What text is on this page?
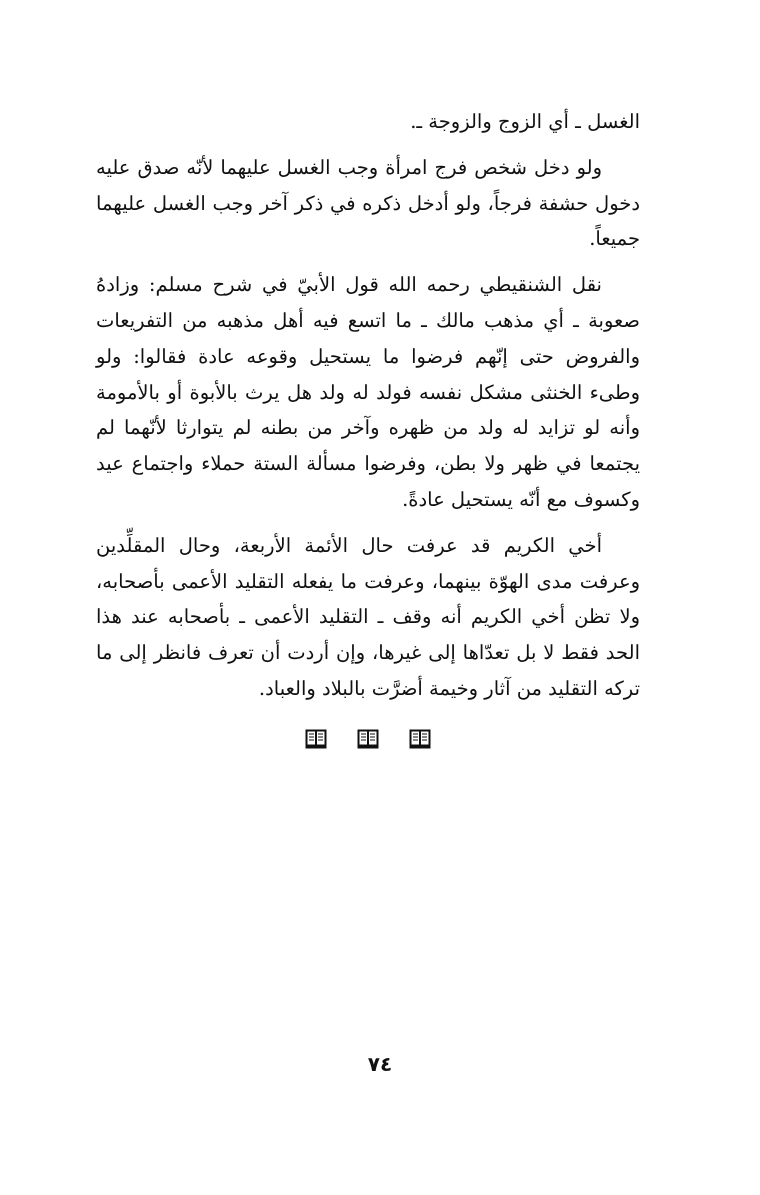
الغسل ـ أي الزوج والزوجة ـ.

ولو دخل شخص فرج امرأة وجب الغسل عليهما لأنّه صدق عليه دخول حشفة فرجاً، ولو أدخل ذكره في ذكر آخر وجب الغسل عليهما جميعاً.

نقل الشنقيطي رحمه الله قول الأبيّ في شرح مسلم: وزادهُ صعوبة ـ أي مذهب مالك ـ ما اتسع فيه أهل مذهبه من التفريعات والفروض حتى إنّهم فرضوا ما يستحيل وقوعه عادة فقالوا: ولو وطىء الخنثى مشكل نفسه فولد له ولد هل يرث بالأبوة أو بالأمومة وأنه لو تزايد له ولد من ظهره وآخر من بطنه لم يتوارثا لأنّهما لم يجتمعا في ظهر ولا بطن، وفرضوا مسألة الستة حملاء واجتماع عيد وكسوف مع أنّه يستحيل عادةً.

أخي الكريم قد عرفت حال الأئمة الأربعة، وحال المقلِّدين وعرفت مدى الهوّة بينهما، وعرفت ما يفعله التقليد الأعمى بأصحابه، ولا تظن أخي الكريم أنه وقف ـ التقليد الأعمى ـ بأصحابه عند هذا الحد فقط لا بل تعدّاها إلى غيرها، وإن أردت أن تعرف فانظر إلى ما تركه التقليد من آثار وخيمة أضرَّت بالبلاد والعباد.

٧٤
